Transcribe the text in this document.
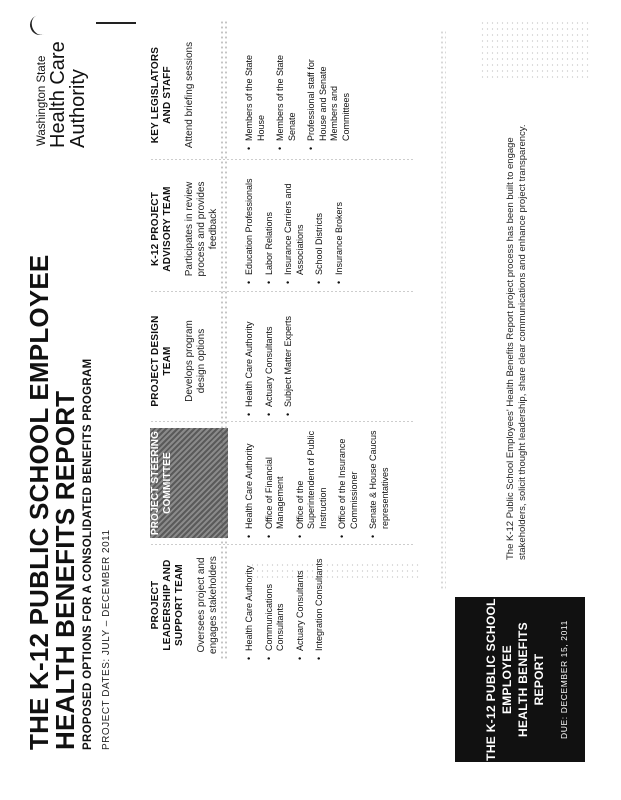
THE K-12 PUBLIC SCHOOL EMPLOYEE
HEALTH BENEFITS REPORT PROPOSED OPTIONS FOR A CONSOLIDATED BENEFITS PROGRAM PROJECT DATES: JULY – DECEMBER 2011
Washington State Health Care Authority
PROJECT LEADERSHIP AND SUPPORT TEAM Oversees project and engages stakeholders
PROJECT STEERING COMMITTEE
PROJECT DESIGN TEAM Develops program design options
K-12 PROJECT ADVISORY TEAM Participates in review process and provides feedback
KEY LEGISLATORS AND STAFF Attend briefing sessions
• Health Care Authority • Communications Consultants • Actuary Consultants • Integration Consultants
• Health Care Authority • Office of Financial Management • Office of the Superintendent of Public Instruction • Office of the Insurance Commissioner • Senate & House Caucus representatives
• Health Care Authority • Actuary Consultants • Subject Matter Experts
• Education Professionals • Labor Relations • Insurance Carriers and Associations • School Districts • Insurance Brokers
• Members of the State House • Members of the State Senate • Professional staff for House and Senate Members and Committees
THE K-12 PUBLIC SCHOOL EMPLOYEE HEALTH BENEFITS REPORT DUE: DECEMBER 15, 2011
The K-12 Public School Employees' Health Benefits Report project process has been built to engage stakeholders, solicit thought leadership, share clear communications and enhance project transparency.
